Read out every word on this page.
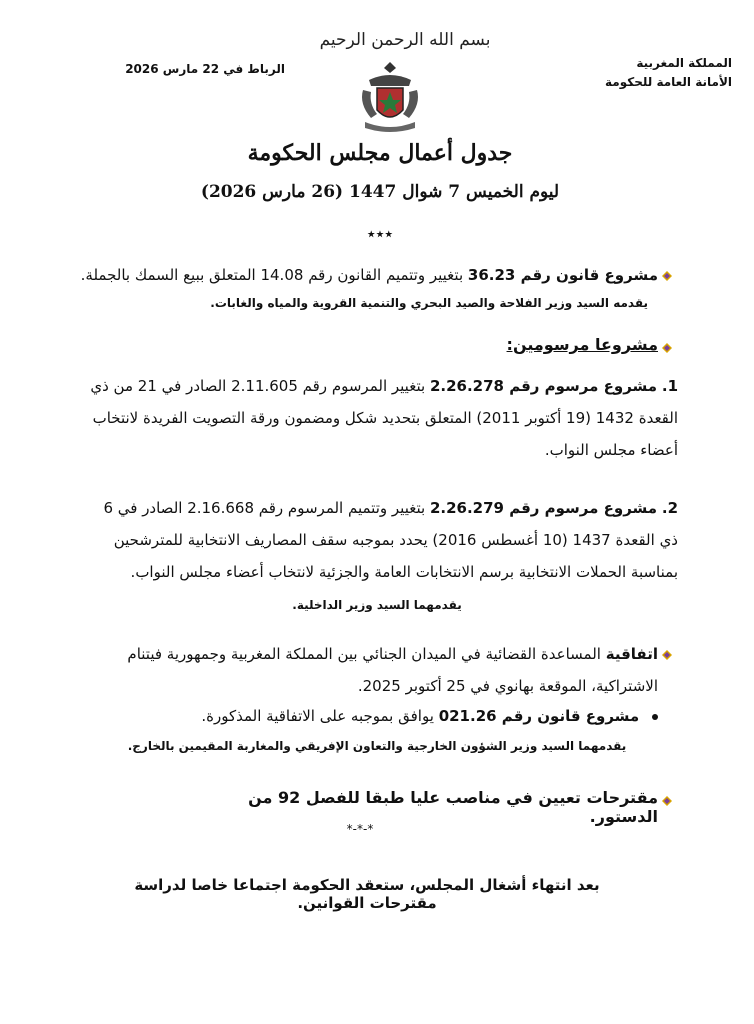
بسم الله الرحمن الرحيم
المملكة المغربية
الأمانة العامة للحكومة
الرباط في 22 مارس 2026
جدول أعمال مجلس الحكومة
ليوم الخميس 7 شوال 1447 (26 مارس 2026)
٭٭٭
مشروع قانون رقم 36.23 بتغيير وتتميم القانون رقم 14.08 المتعلق ببيع السمك بالجملة.
يقدمه السيد وزير الفلاحة والصيد البحري والتنمية القروية والمياه والغابات.
مشروعا مرسومين:
1. مشروع مرسوم رقم 2.26.278 بتغيير المرسوم رقم 2.11.605 الصادر في 21 من ذي القعدة 1432 (19 أكتوبر 2011) المتعلق بتحديد شكل ومضمون ورقة التصويت الفريدة لانتخاب أعضاء مجلس النواب.
2. مشروع مرسوم رقم 2.26.279 بتغيير وتتميم المرسوم رقم 2.16.668 الصادر في 6 ذي القعدة 1437 (10 أغسطس 2016) يحدد بموجبه سقف المصاريف الانتخابية للمترشحين بمناسبة الحملات الانتخابية برسم الانتخابات العامة والجزئية لانتخاب أعضاء مجلس النواب.
يقدمهما السيد وزير الداخلية.
اتفاقية المساعدة القضائية في الميدان الجنائي بين المملكة المغربية وجمهورية فيتنام الاشتراكية، الموقعة بهانوي في 25 أكتوبر 2025.
مشروع قانون رقم 021.26 يوافق بموجبه على الاتفاقية المذكورة.
يقدمهما السيد وزير الشؤون الخارجية والتعاون الإفريقي والمغاربة المقيمين بالخارج.
مقترحات تعيين في مناصب عليا طبقا للفصل 92 من الدستور.
*-*-*
بعد انتهاء أشغال المجلس، ستعقد الحكومة اجتماعا خاصا لدراسة مقترحات القوانين.
